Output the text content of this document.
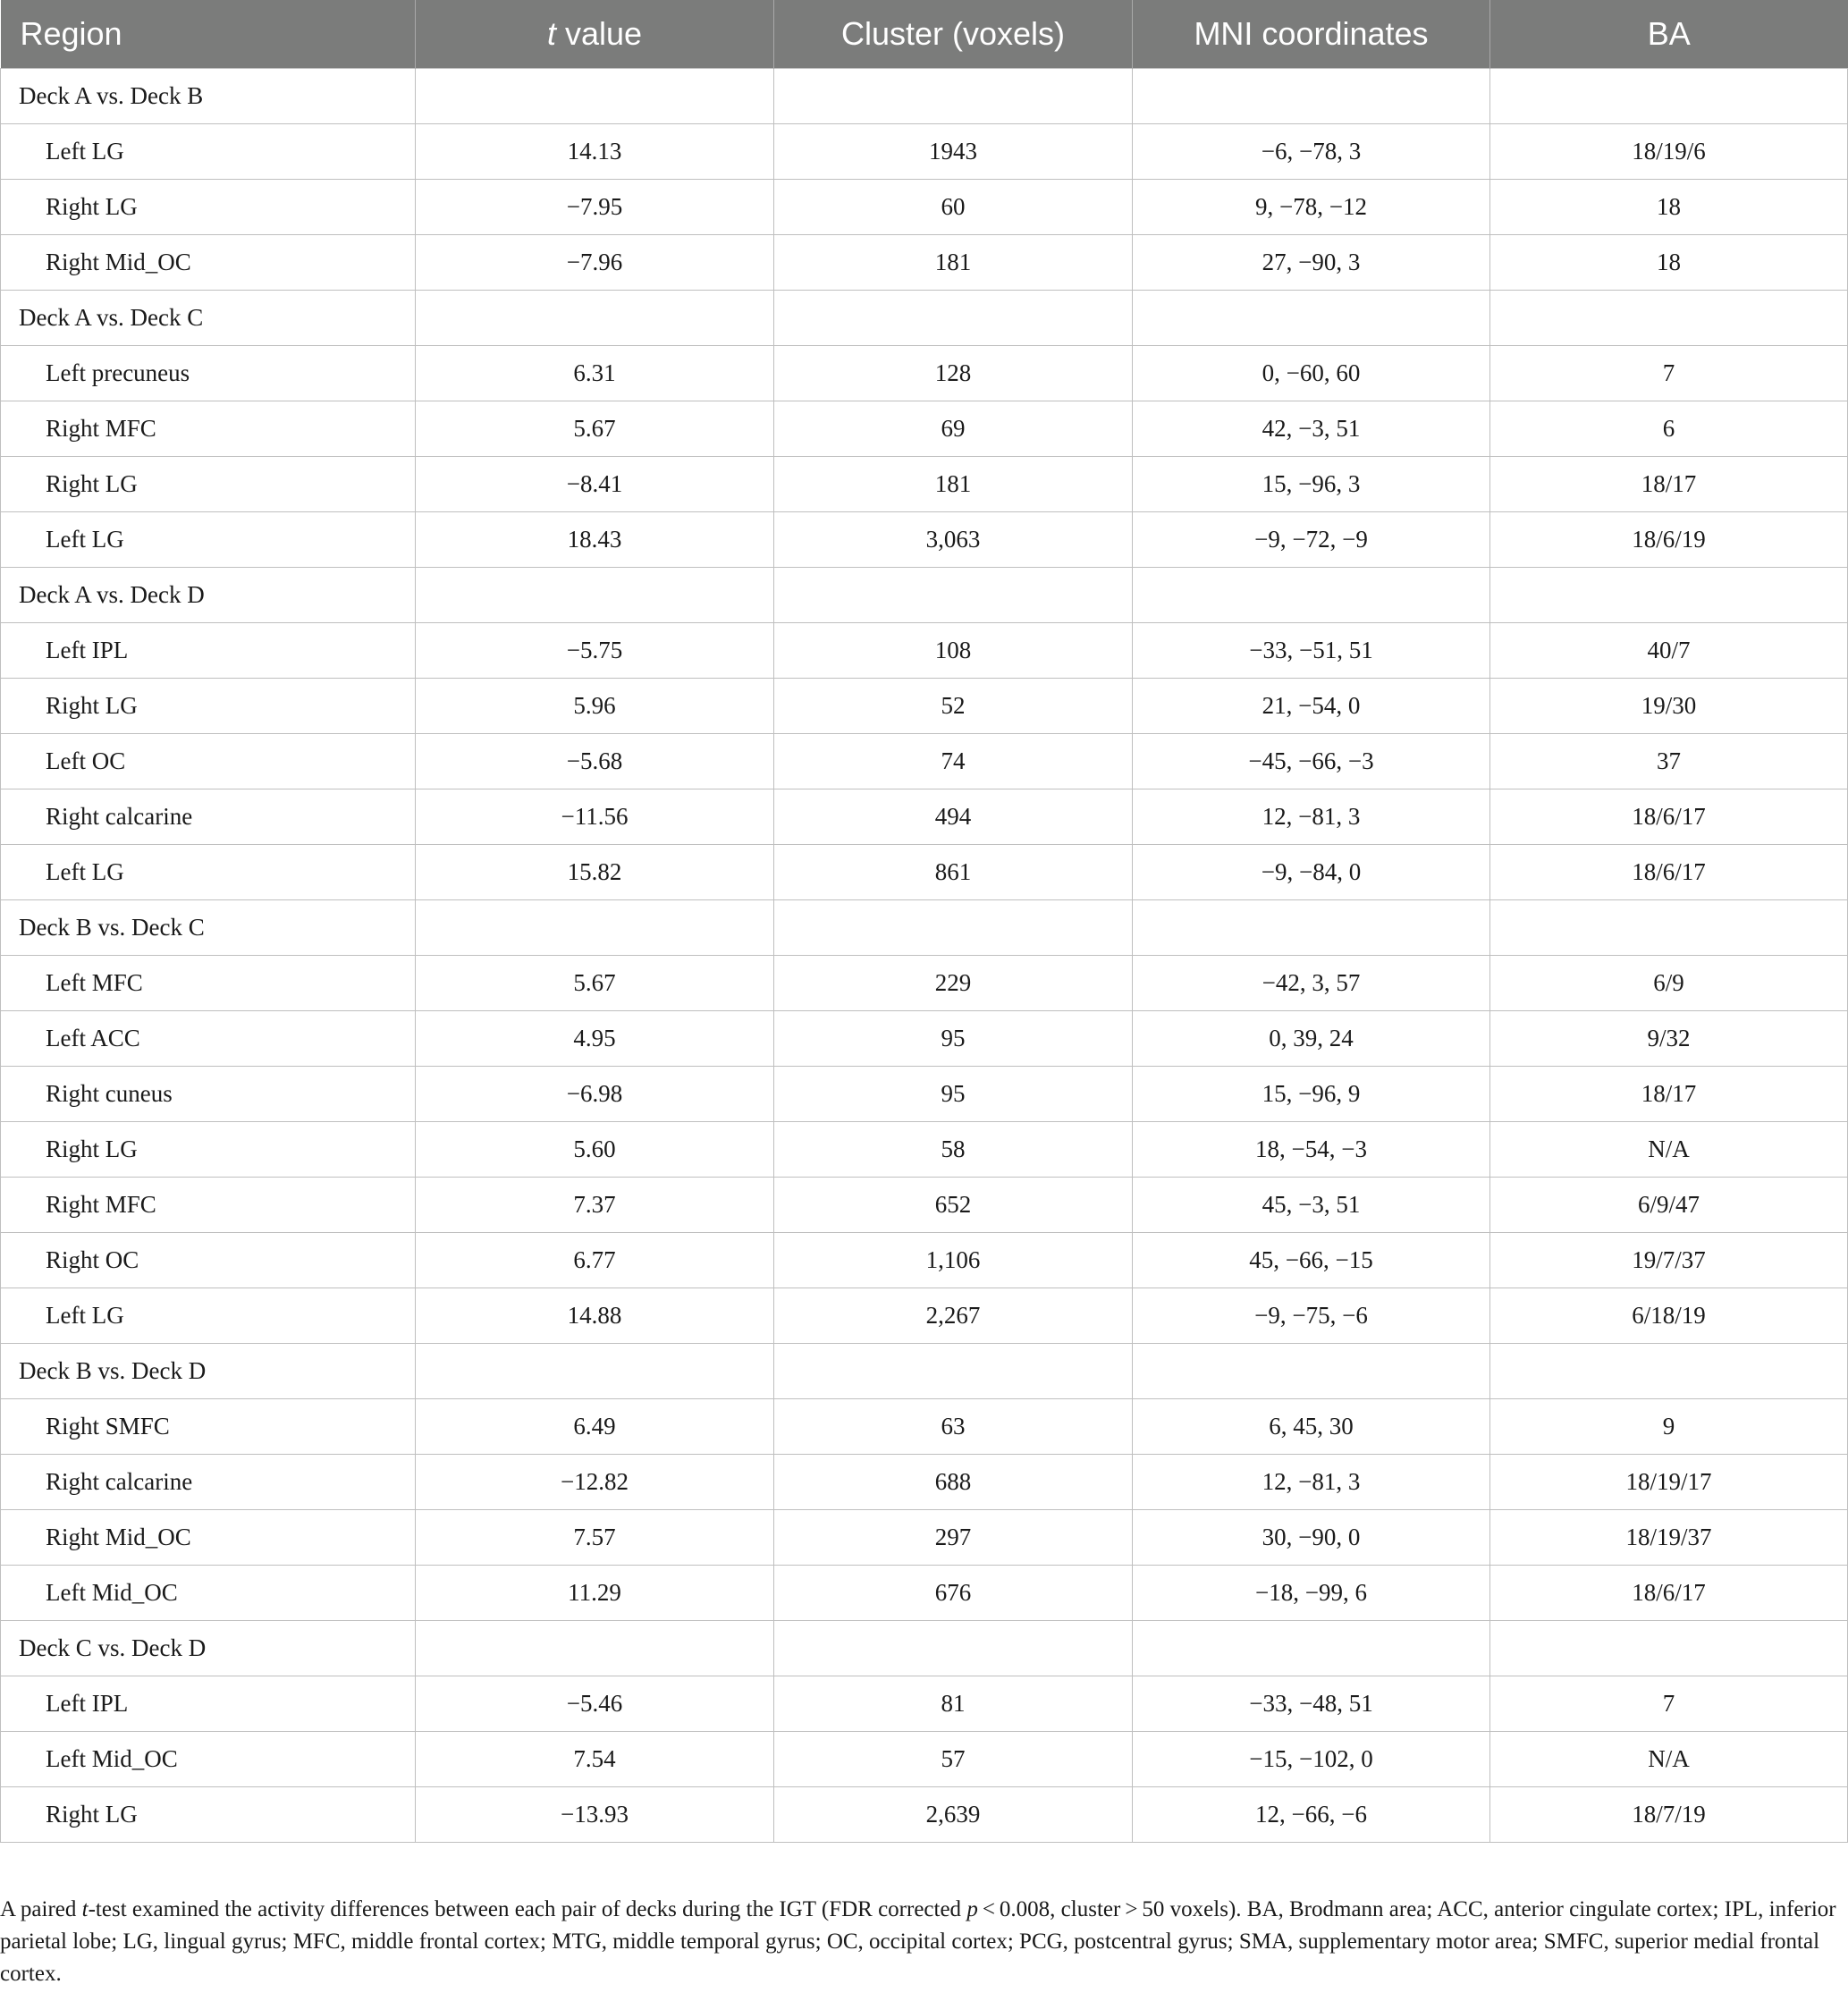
Region	t value	Cluster (voxels)	MNI coordinates	BA
Deck A vs. Deck B				
Left LG	14.13	1943	−6, −78, 3	18/19/6
Right LG	−7.95	60	9, −78, −12	18
Right Mid_OC	−7.96	181	27, −90, 3	18
Deck A vs. Deck C				
Left precuneus	6.31	128	0, −60, 60	7
Right MFC	5.67	69	42, −3, 51	6
Right LG	−8.41	181	15, −96, 3	18/17
Left LG	18.43	3,063	−9, −72, −9	18/6/19
Deck A vs. Deck D				
Left IPL	−5.75	108	−33, −51, 51	40/7
Right LG	5.96	52	21, −54, 0	19/30
Left OC	−5.68	74	−45, −66, −3	37
Right calcarine	−11.56	494	12, −81, 3	18/6/17
Left LG	15.82	861	−9, −84, 0	18/6/17
Deck B vs. Deck C				
Left MFC	5.67	229	−42, 3, 57	6/9
Left ACC	4.95	95	0, 39, 24	9/32
Right cuneus	−6.98	95	15, −96, 9	18/17
Right LG	5.60	58	18, −54, −3	N/A
Right MFC	7.37	652	45, −3, 51	6/9/47
Right OC	6.77	1,106	45, −66, −15	19/7/37
Left LG	14.88	2,267	−9, −75, −6	6/18/19
Deck B vs. Deck D				
Right SMFC	6.49	63	6, 45, 30	9
Right calcarine	−12.82	688	12, −81, 3	18/19/17
Right Mid_OC	7.57	297	30, −90, 0	18/19/37
Left Mid_OC	11.29	676	−18, −99, 6	18/6/17
Deck C vs. Deck D				
Left IPL	−5.46	81	−33, −48, 51	7
Left Mid_OC	7.54	57	−15, −102, 0	N/A
Right LG	−13.93	2,639	12, −66, −6	18/7/19
A paired t-test examined the activity differences between each pair of decks during the IGT (FDR corrected p < 0.008, cluster > 50 voxels). BA, Brodmann area; ACC, anterior cingulate cortex; IPL, inferior parietal lobe; LG, lingual gyrus; MFC, middle frontal cortex; MTG, middle temporal gyrus; OC, occipital cortex; PCG, postcentral gyrus; SMA, supplementary motor area; SMFC, superior medial frontal cortex.
